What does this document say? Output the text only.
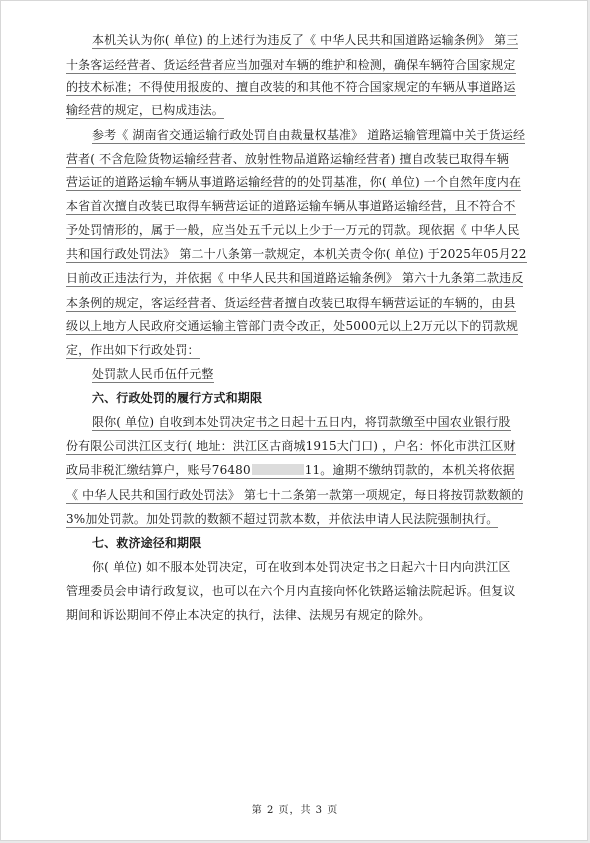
本机关认为你( 单位) 的上述行为违反了《 中华人民共和国道路运输条例》 第三
十条客运经营者、货运经营者应当加强对车辆的维护和检测，确保车辆符合国家规定
的技术标准；不得使用报废的、擅自改装的和其他不符合国家规定的车辆从事道路运
输经营的规定，已构成违法。
参考《 湖南省交通运输行政处罚自由裁量权基准》 道路运输管理篇中关于货运经
营者( 不含危险货物运输经营者、放射性物品道路运输经营者) 擅自改装已取得车辆
营运证的道路运输车辆从事道路运输经营的的处罚基准，你( 单位) 一个自然年度内在
本省首次擅自改装已取得车辆营运证的道路运输车辆从事道路运输经营，且不符合不
予处罚情形的，属于一般，应当处五千元以上少于一万元的罚款。现依据《 中华人民
共和国行政处罚法》 第二十八条第一款规定，本机关责令你( 单位) 于2025年05月22
日前改正违法行为，并依据《 中华人民共和国道路运输条例》 第六十九条第二款违反
本条例的规定，客运经营者、货运经营者擅自改装已取得车辆营运证的车辆的，由县
级以上地方人民政府交通运输主管部门责令改正，处5000元以上2万元以下的罚款规
定，作出如下行政处罚：
处罚款人民币伍仟元整
六、行政处罚的履行方式和期限
限你( 单位) 自收到本处罚决定书之日起十五日内，将罚款缴至中国农业银行股
份有限公司洪江区支行( 地址：洪江区古商城1915大门口) ，户名：怀化市洪江区财
政局非税汇缴结算户，账号76480	11。逾期不缴纳罚款的，本机关将依据
《 中华人民共和国行政处罚法》 第七十二条第一款第一项规定，每日将按罚款数额的
3%加处罚款。加处罚款的数额不超过罚款本数，并依法申请人民法院强制执行。
七、救济途径和期限
你( 单位) 如不服本处罚决定，可在收到本处罚决定书之日起六十日内向洪江区
管理委员会申请行政复议，也可以在六个月内直接向怀化铁路运输法院起诉。但复议
期间和诉讼期间不停止本决定的执行，法律、法规另有规定的除外。
第 2 页，共 3 页
